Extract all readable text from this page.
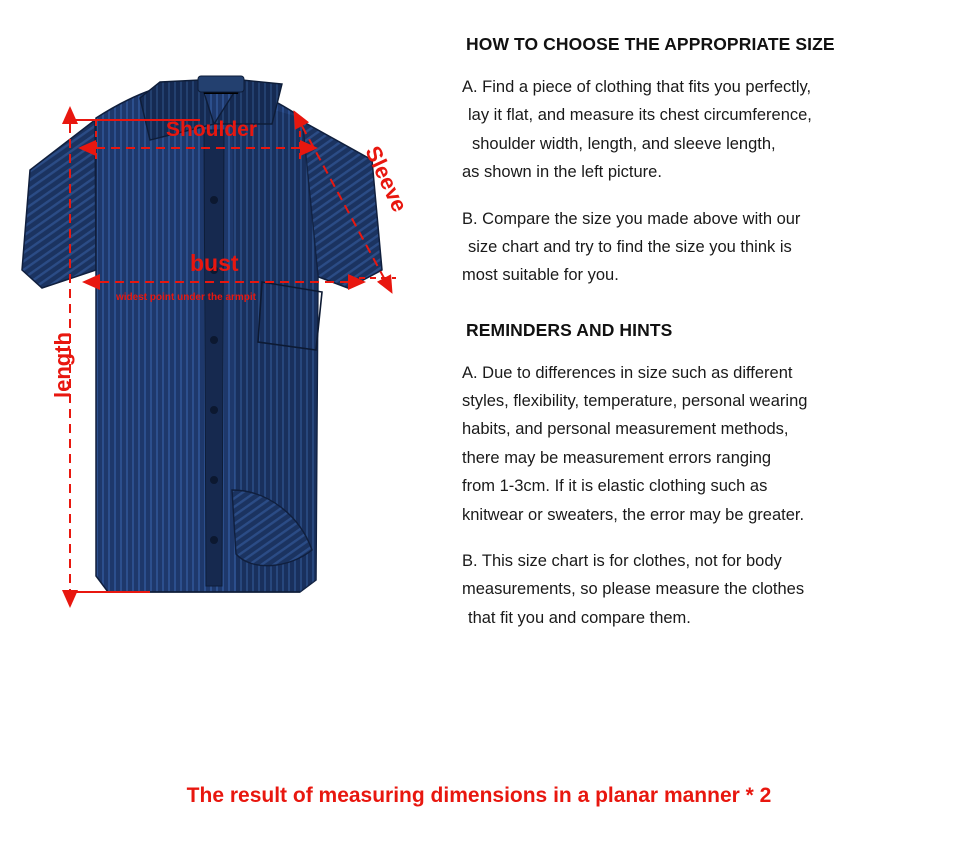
Shoulder
bust
widest point under the armpit
Sleeve
length
HOW TO CHOOSE THE APPROPRIATE SIZE

A. Find a piece of clothing that fits you perfectly,
lay it flat, and measure its chest circumference,
shoulder width, length, and sleeve length,
as shown in the left picture.

B. Compare the size you made above with our
size chart and try to find the size you think is
most suitable for you.

REMINDERS AND HINTS

A. Due to differences in size such as different
styles, flexibility, temperature, personal wearing
habits, and personal measurement methods,
there may be measurement errors ranging
from 1-3cm. If it is elastic clothing such as
knitwear or sweaters, the error may be greater.

B. This size chart is for clothes, not for body
measurements, so please measure the clothes
that fit you and compare them.

The result of measuring dimensions in a planar manner * 2
